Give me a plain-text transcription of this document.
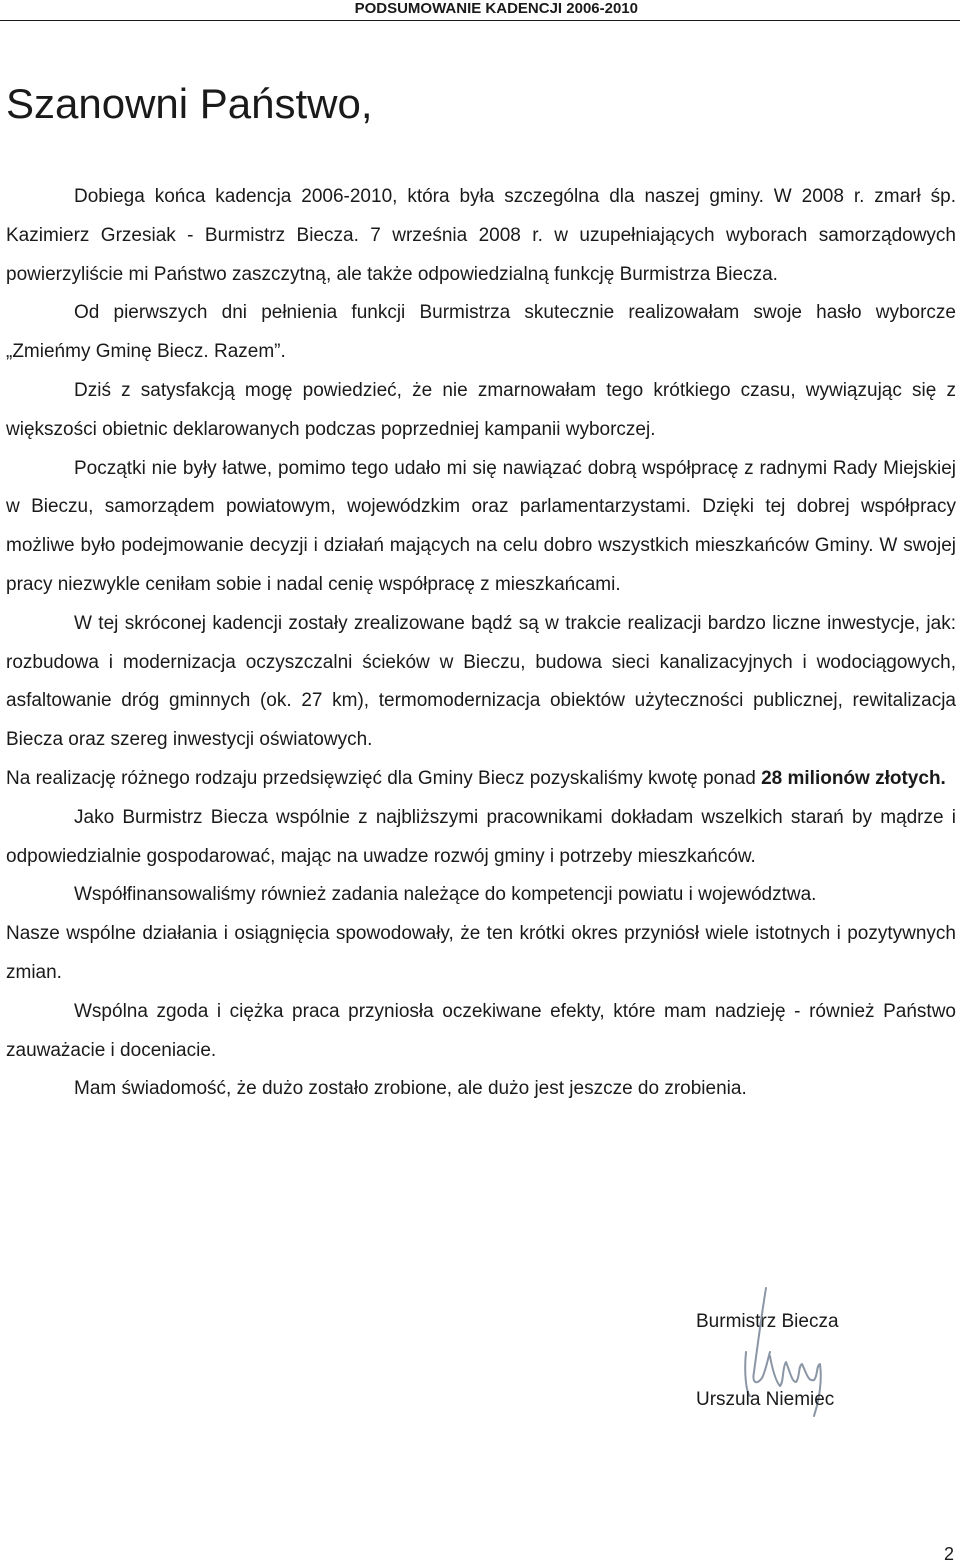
PODSUMOWANIE KADENCJI 2006-2010
Szanowni Państwo,

Dobiega końca kadencja 2006-2010, która była szczególna dla naszej gminy. W 2008 r. zmarł śp. Kazimierz Grzesiak - Burmistrz Biecza. 7 września 2008 r. w uzupełniających wyborach samorządowych powierzyliście mi Państwo zaszczytną, ale także odpowiedzialną funkcję Burmistrza Biecza.

Od pierwszych dni pełnienia funkcji Burmistrza skutecznie realizowałam swoje hasło wyborcze „Zmieńmy Gminę Biecz. Razem”.

Dziś z satysfakcją mogę powiedzieć, że nie zmarnowałam tego krótkiego czasu, wywiązując się z większości obietnic deklarowanych podczas poprzedniej kampanii wyborczej.

Początki nie były łatwe, pomimo tego udało mi się nawiązać dobrą współpracę z radnymi Rady Miejskiej w Bieczu, samorządem powiatowym, wojewódzkim oraz parlamentarzystami. Dzięki tej dobrej współpracy możliwe było podejmowanie decyzji i działań mających na celu dobro wszystkich mieszkańców Gminy. W swojej pracy niezwykle ceniłam sobie i nadal cenię współpracę z mieszkańcami.

W tej skróconej kadencji zostały zrealizowane bądź są w trakcie realizacji bardzo liczne inwestycje, jak: rozbudowa i modernizacja oczyszczalni ścieków w Bieczu, budowa sieci kanalizacyjnych i wodociągowych, asfaltowanie dróg gminnych (ok. 27 km), termomodernizacja obiektów użyteczności publicznej, rewitalizacja Biecza oraz szereg inwestycji oświatowych.

Na realizację różnego rodzaju przedsięwzięć dla Gminy Biecz pozyskaliśmy kwotę ponad 28 milionów złotych.

Jako Burmistrz Biecza wspólnie z najbliższymi pracownikami dokładam wszelkich starań by mądrze i odpowiedzialnie gospodarować, mając na uwadze rozwój gminy i potrzeby mieszkańców.

Współfinansowaliśmy również zadania należące do kompetencji powiatu i województwa.

Nasze wspólne działania i osiągnięcia spowodowały, że ten krótki okres przyniósł wiele istotnych i pozytywnych zmian.

Wspólna zgoda i ciężka praca przyniosła oczekiwane efekty, które mam nadzieję - również Państwo zauważacie i doceniacie.

Mam świadomość, że dużo zostało zrobione, ale dużo jest jeszcze do zrobienia.

Burmistrz Biecza
Urszula Niemiec
2
